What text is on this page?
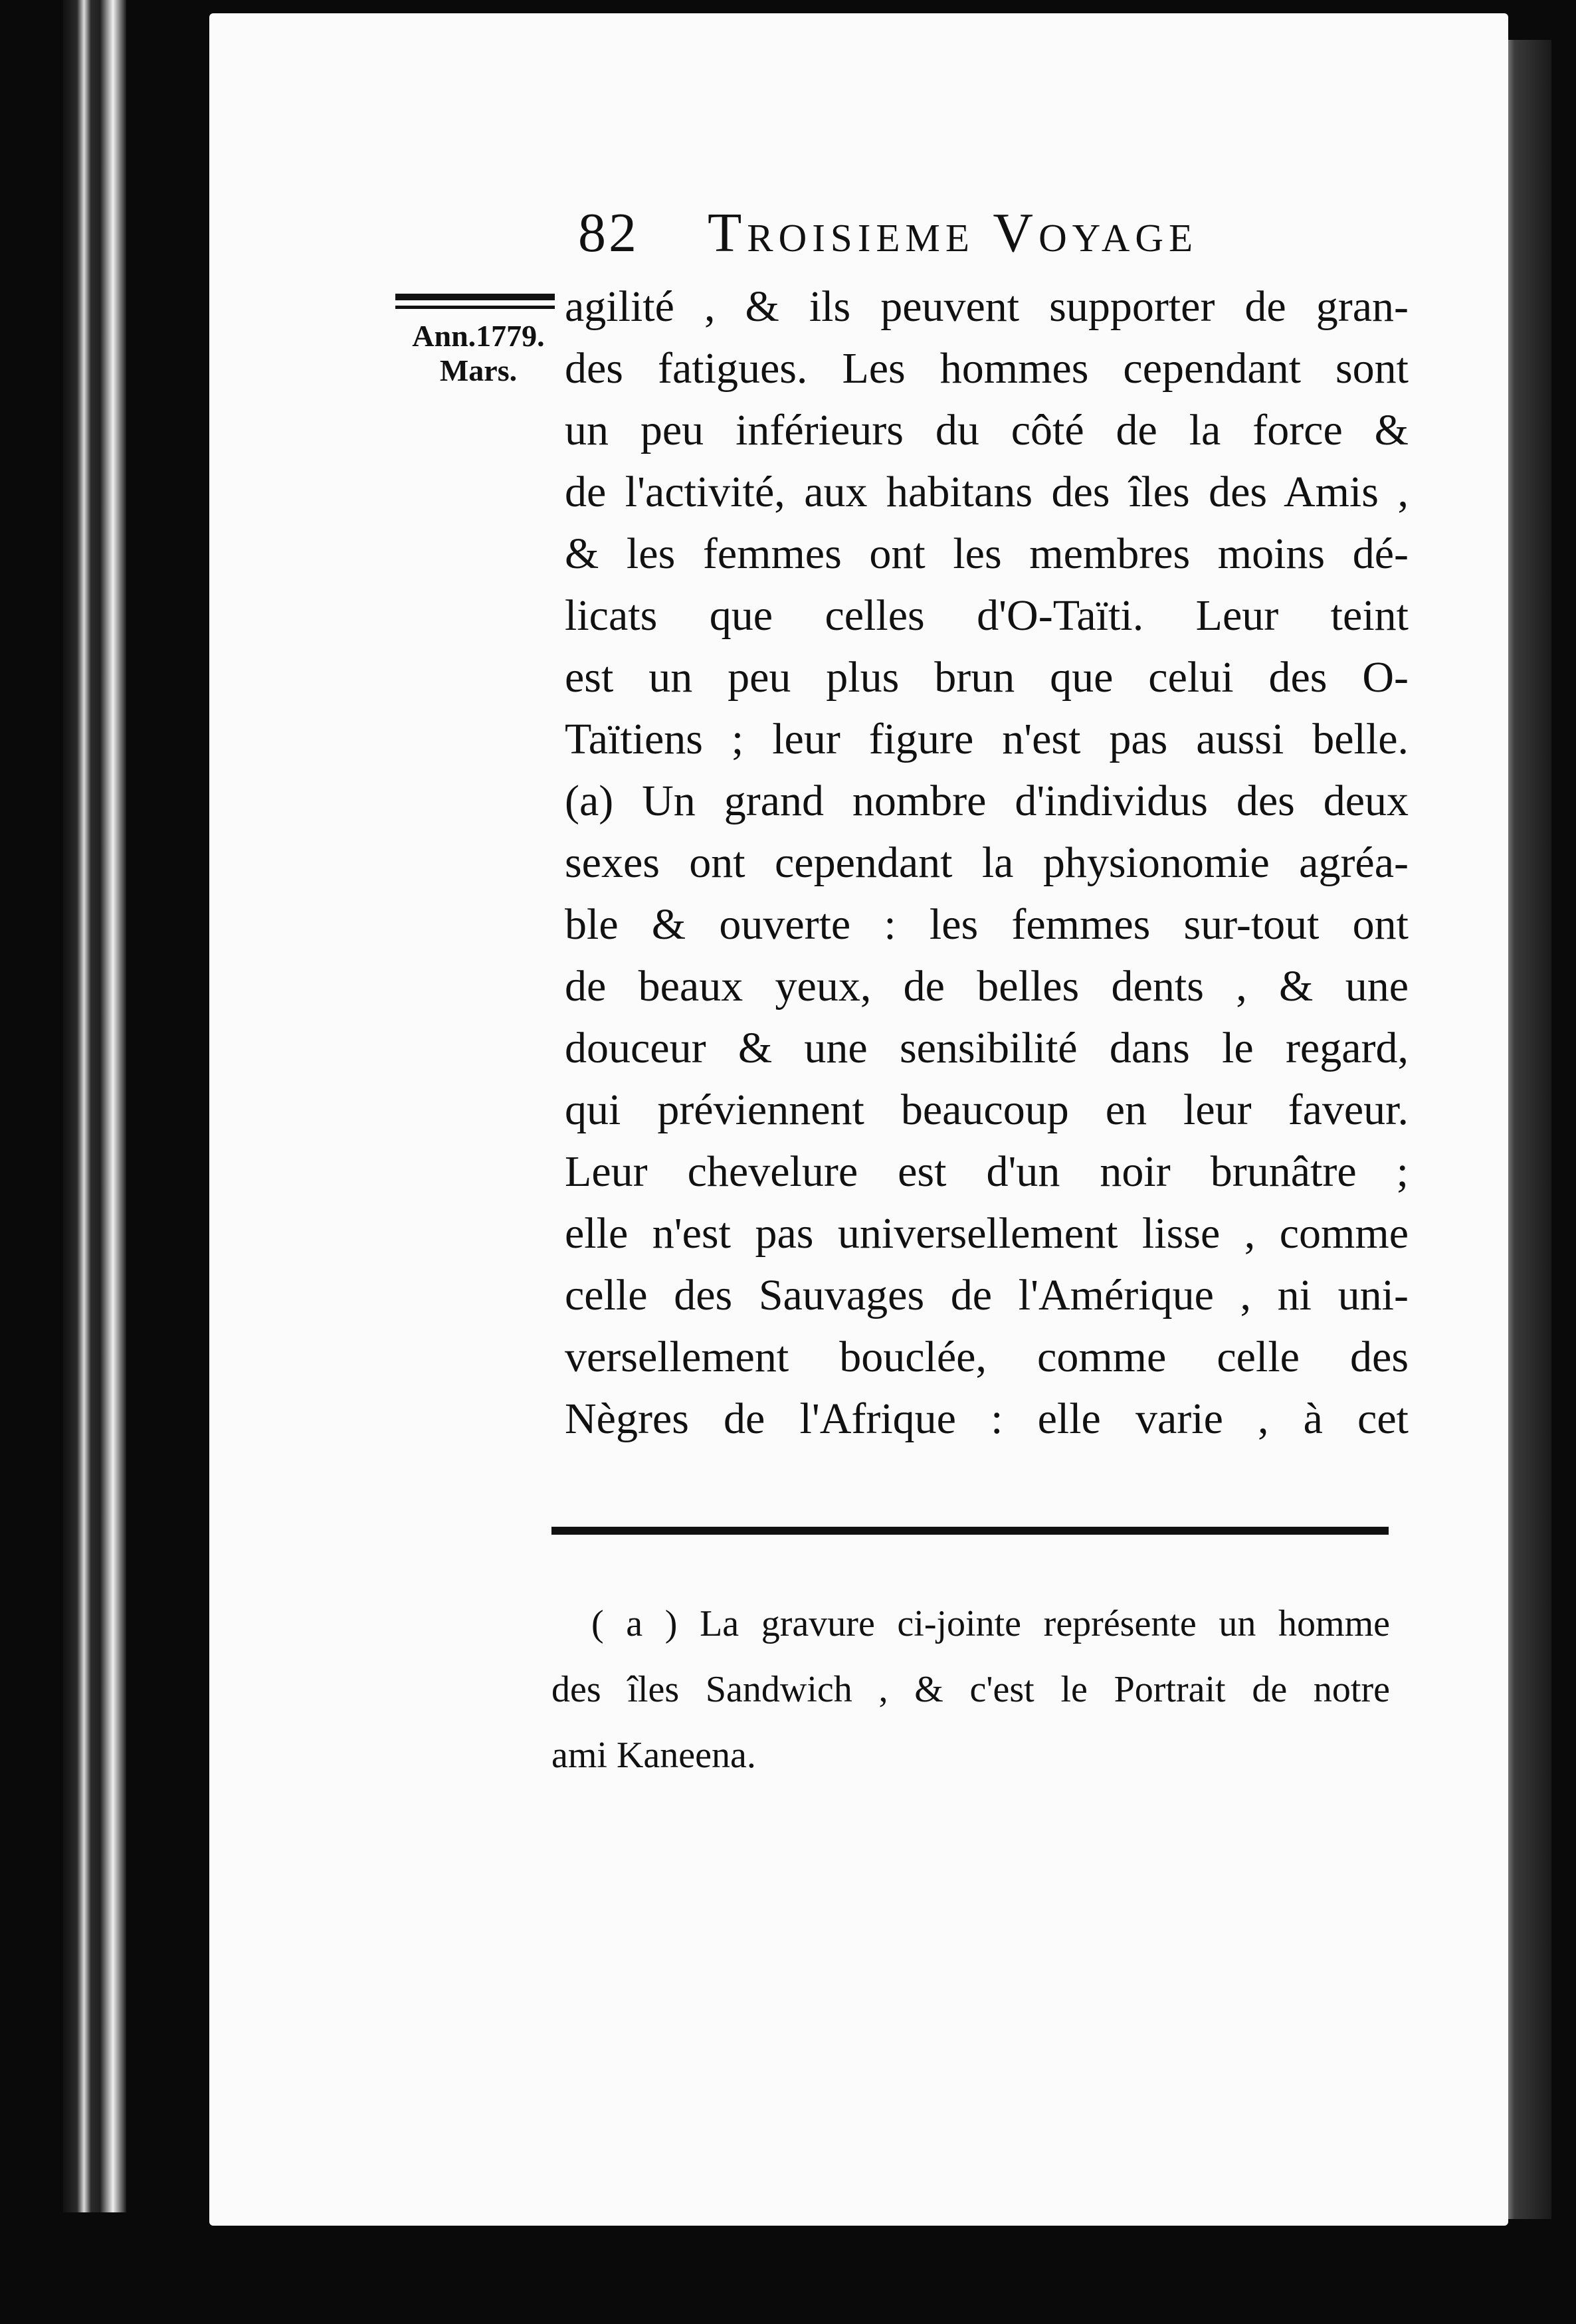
82 Troisieme Voyage
Ann.1779.
Mars.
agilité , & ils peuvent supporter de gran-
des fatigues. Les hommes cependant sont
un peu inférieurs du côté de la force &
de l'activité, aux habitans des îles des Amis ,
& les femmes ont les membres moins dé-
licats que celles d'O-Taïti. Leur teint
est un peu plus brun que celui des O-
Taïtiens ; leur figure n'est pas aussi belle.
(a) Un grand nombre d'individus des deux
sexes ont cependant la physionomie agréa-
ble & ouverte : les femmes sur-tout ont
de beaux yeux, de belles dents , & une
douceur & une sensibilité dans le regard,
qui préviennent beaucoup en leur faveur.
Leur chevelure est d'un noir brunâtre ;
elle n'est pas universellement lisse , comme
celle des Sauvages de l'Amérique , ni uni-
versellement bouclée, comme celle des
Nègres de l'Afrique : elle varie , à cet
( a ) La gravure ci-jointe représente un homme
des îles Sandwich , & c'est le Portrait de notre
ami Kaneena.
